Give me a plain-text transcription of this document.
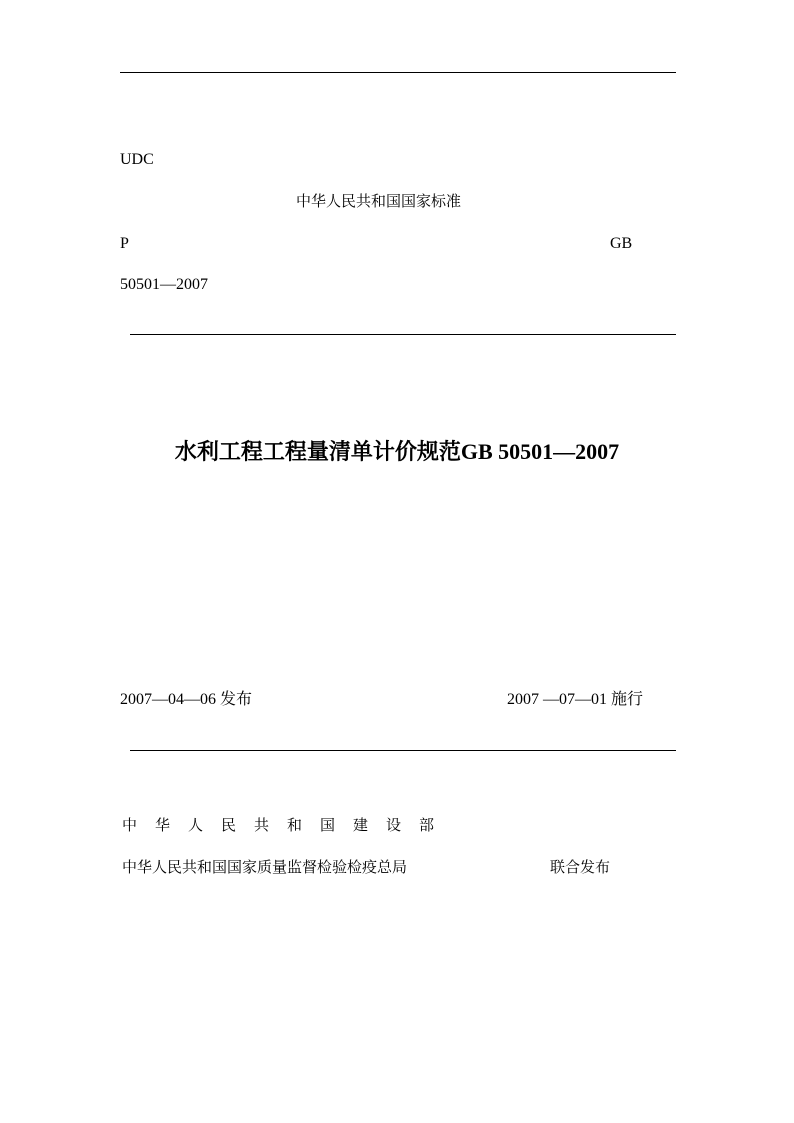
UDC
中华人民共和国国家标准
P	GB
50501—2007
水利工程工程量清单计价规范GB 50501—2007
2007—04—06 发布	2007 —07—01 施行
中华人民共和国建设部
中华人民共和国国家质量监督检验检疫总局	联合发布
